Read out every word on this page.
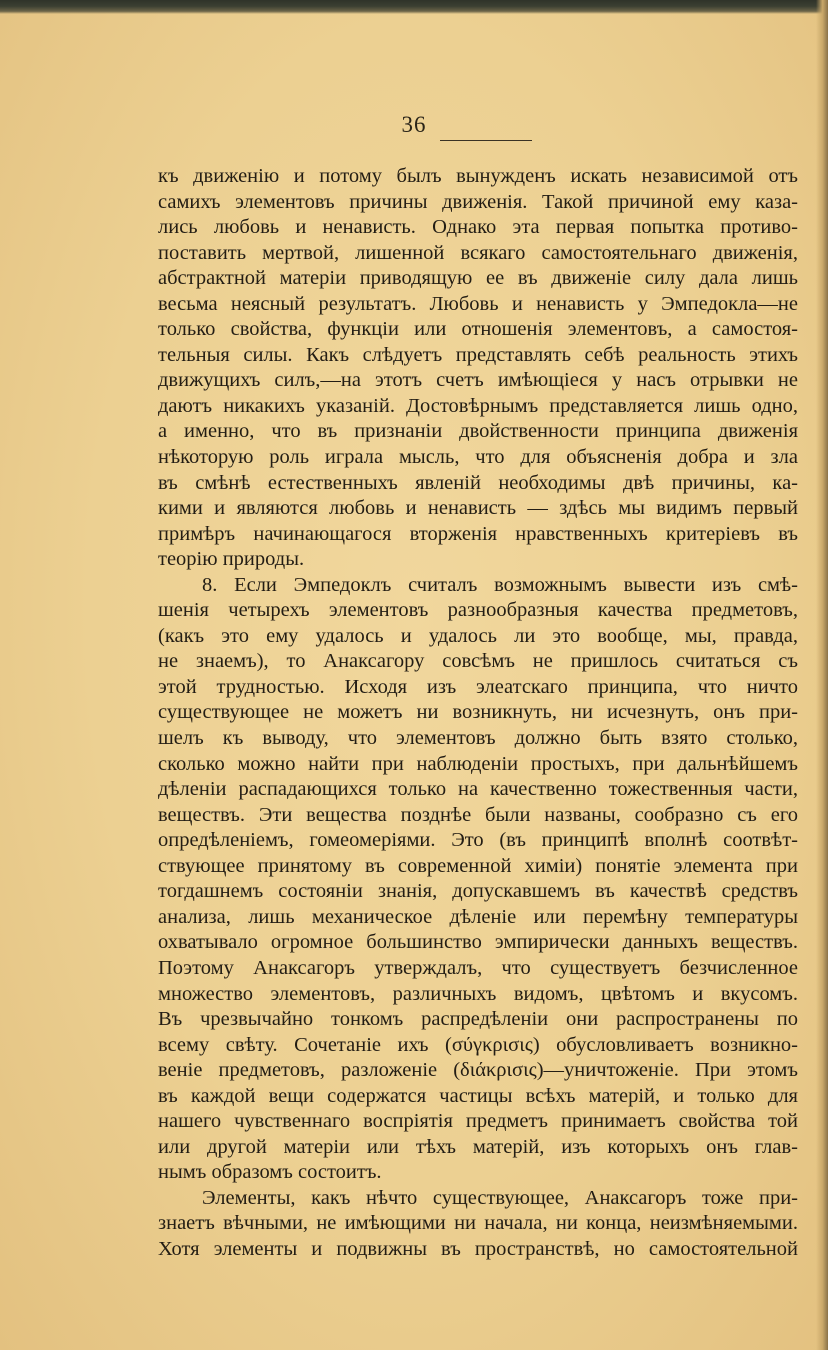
36
къ движенію и потому былъ вынужденъ искать независимой отъ
самихъ элементовъ причины движенія. Такой причиной ему каза-
лись любовь и ненависть. Однако эта первая попытка противо-
поставить мертвой, лишенной всякаго самостоятельнаго движенія,
абстрактной матеріи приводящую ее въ движеніе силу дала лишь
весьма неясный результатъ. Любовь и ненависть у Эмпедокла—не
только свойства, функціи или отношенія элементовъ, а самостоя-
тельныя силы. Какъ слѣдуетъ представлять себѣ реальность этихъ
движущихъ силъ,—на этотъ счетъ имѣющіеся у насъ отрывки не
даютъ никакихъ указаній. Достовѣрнымъ представляется лишь одно,
а именно, что въ признаніи двойственности принципа движенія
нѣкоторую роль играла мысль, что для объясненія добра и зла
въ смѣнѣ естественныхъ явленій необходимы двѣ причины, ка-
кими и являются любовь и ненависть — здѣсь мы видимъ первый
примѣръ начинающагося вторженія нравственныхъ критеріевъ въ
теорію природы.
8. Если Эмпедоклъ считалъ возможнымъ вывести изъ смѣ-
шенія четырехъ элементовъ разнообразныя качества предметовъ,
(какъ это ему удалось и удалось ли это вообще, мы, правда,
не знаемъ), то Анаксагору совсѣмъ не пришлось считаться съ
этой трудностью. Исходя изъ элеатскаго принципа, что ничто
существующее не можетъ ни возникнуть, ни исчезнуть, онъ при-
шелъ къ выводу, что элементовъ должно быть взято столько,
сколько можно найти при наблюденіи простыхъ, при дальнѣйшемъ
дѣленіи распадающихся только на качественно тожественныя части,
веществъ. Эти вещества позднѣе были названы, сообразно съ его
опредѣленіемъ, гомеомеріями. Это (въ принципѣ вполнѣ соотвѣт-
ствующее принятому въ современной химіи) понятіе элемента при
тогдашнемъ состояніи знанія, допускавшемъ въ качествѣ средствъ
анализа, лишь механическое дѣленіе или перемѣну температуры
охватывало огромное большинство эмпирически данныхъ веществъ.
Поэтому Анаксагоръ утверждалъ, что существуетъ безчисленное
множество элементовъ, различныхъ видомъ, цвѣтомъ и вкусомъ.
Въ чрезвычайно тонкомъ распредѣленіи они распространены по
всему свѣту. Сочетаніе ихъ (σύγκρισις) обусловливаетъ возникно-
веніе предметовъ, разложеніе (διάκρισις)—уничтоженіе. При этомъ
въ каждой вещи содержатся частицы всѣхъ матерій, и только для
нашего чувственнаго воспріятія предметъ принимаетъ свойства той
или другой матеріи или тѣхъ матерій, изъ которыхъ онъ глав-
нымъ образомъ состоитъ.
Элементы, какъ нѣчто существующее, Анаксагоръ тоже при-
знаетъ вѣчными, не имѣющими ни начала, ни конца, неизмѣняемыми.
Хотя элементы и подвижны въ пространствѣ, но самостоятельной
